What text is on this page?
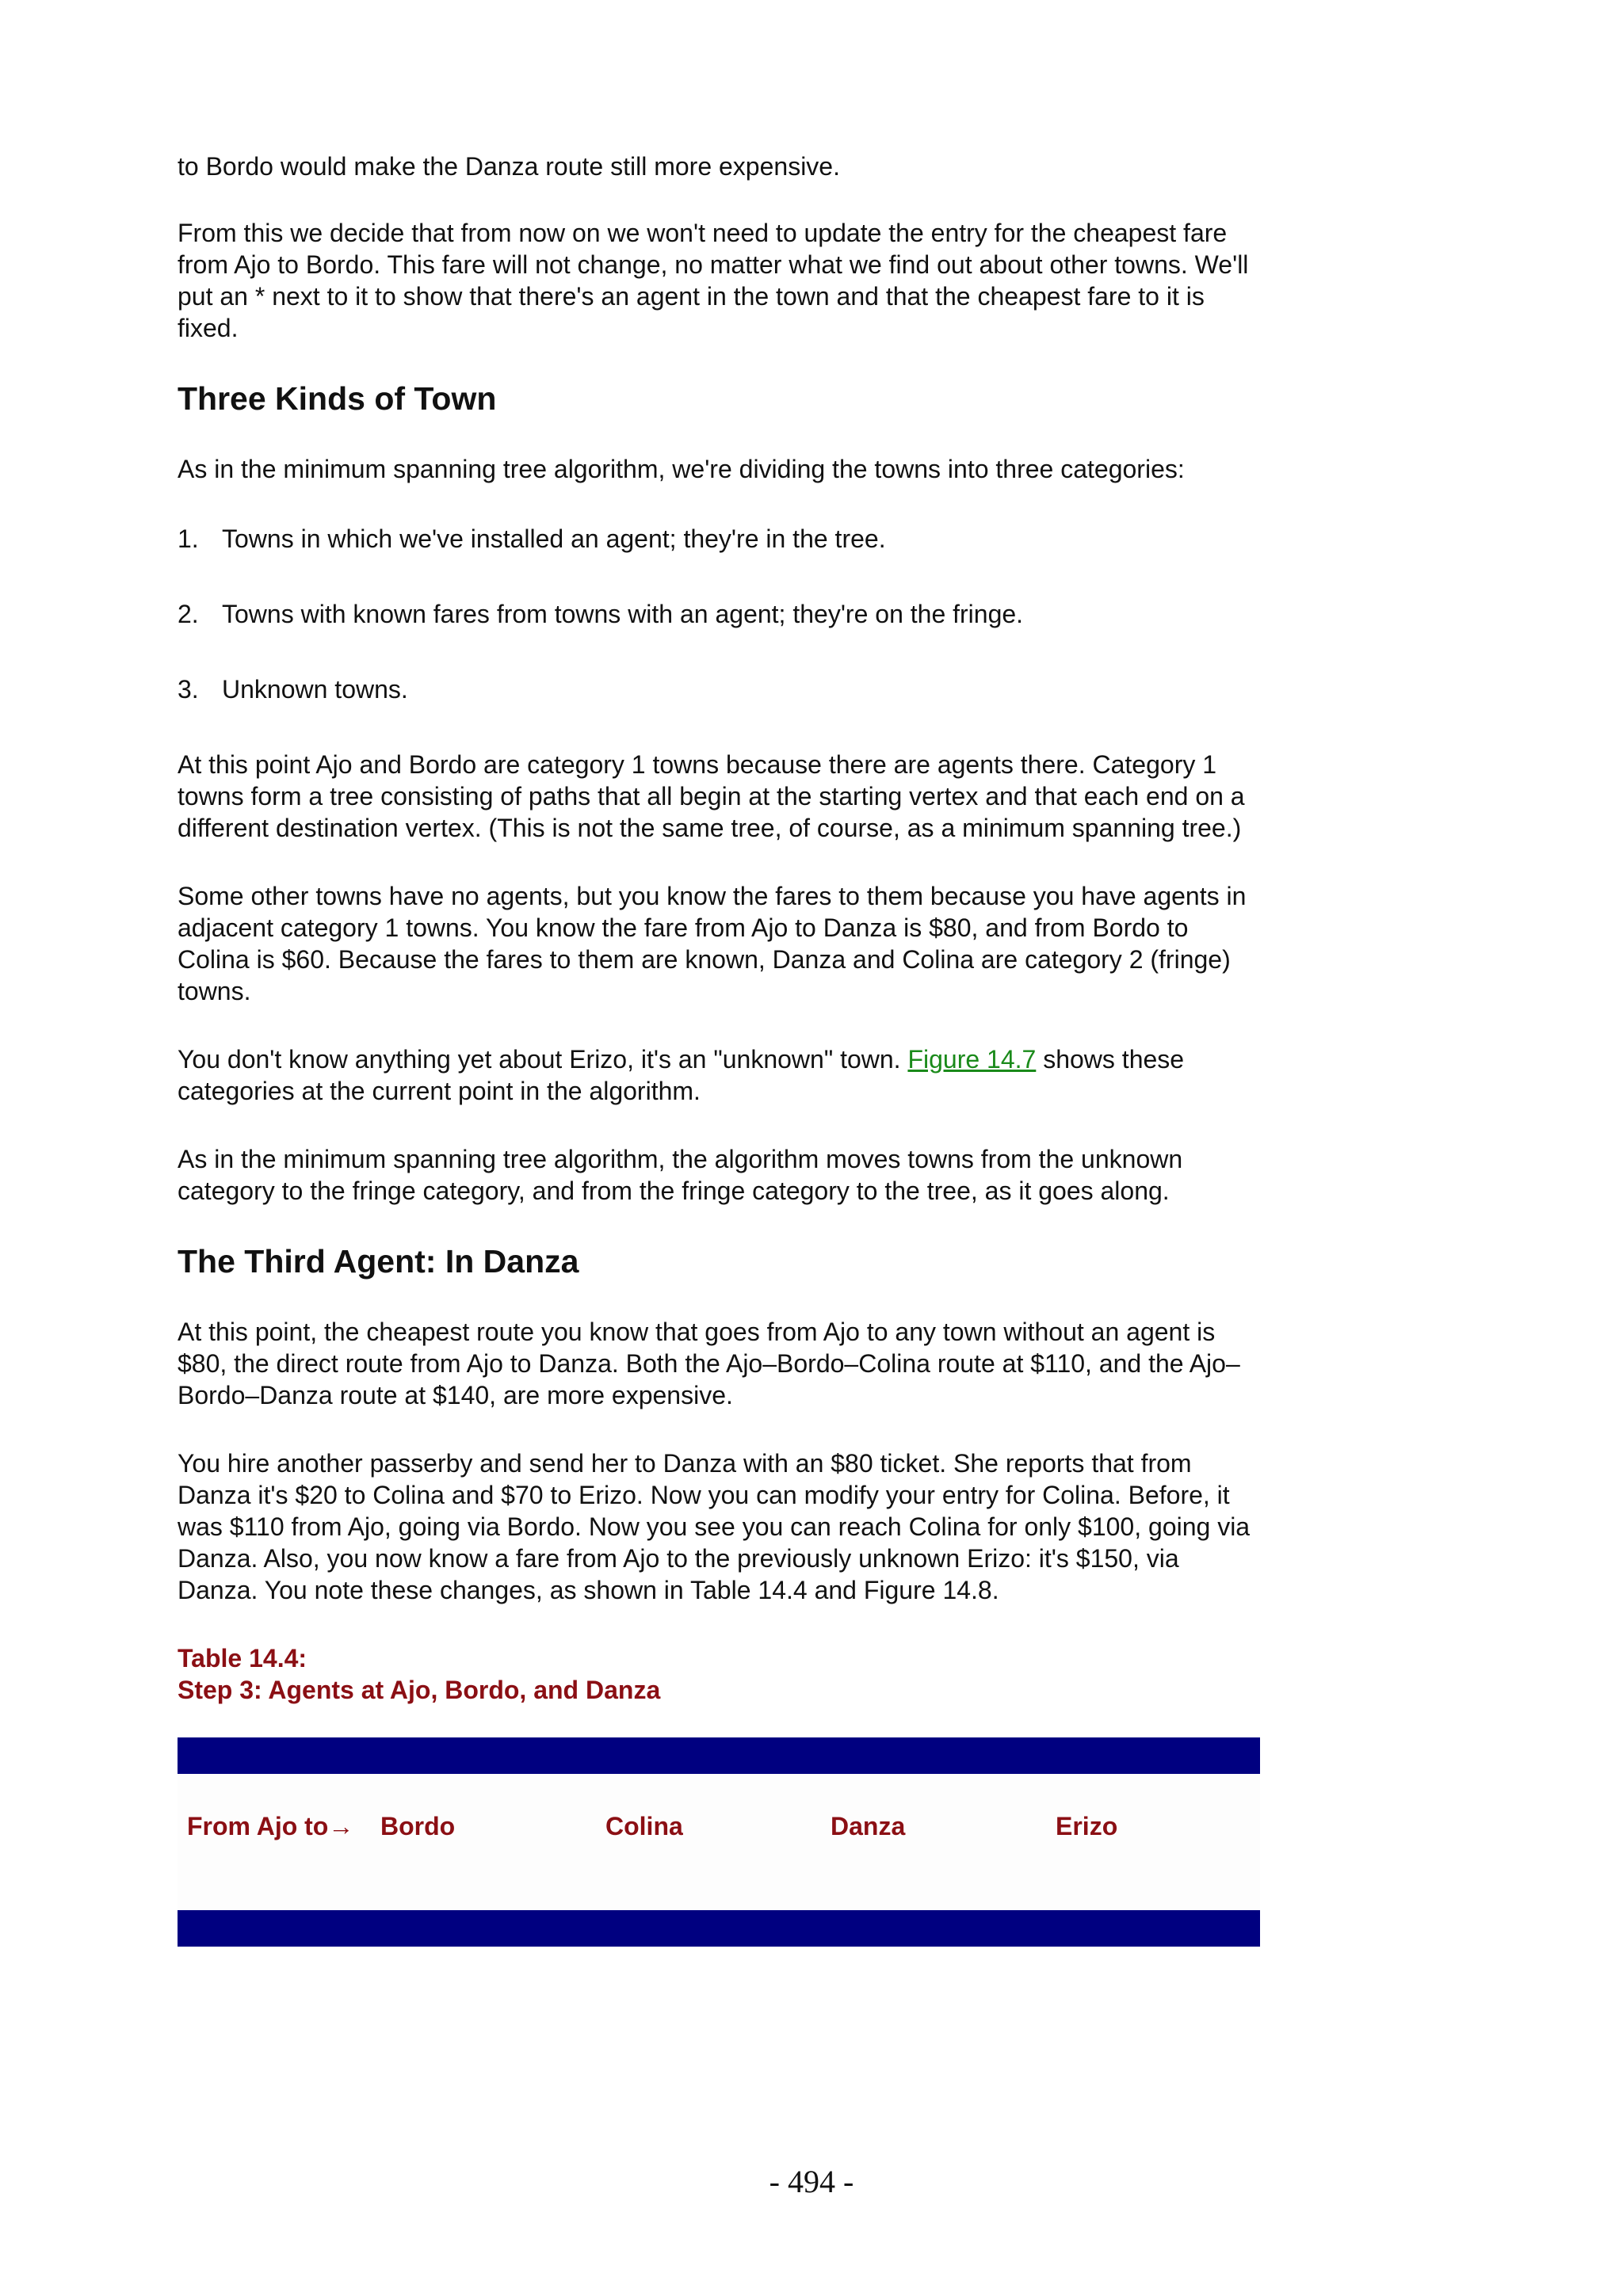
to Bordo would make the Danza route still more expensive.

From this we decide that from now on we won't need to update the entry for the cheapest fare from Ajo to Bordo. This fare will not change, no matter what we find out about other towns. We'll put an * next to it to show that there's an agent in the town and that the cheapest fare to it is fixed.

Three Kinds of Town

As in the minimum spanning tree algorithm, we're dividing the towns into three categories:

1. Towns in which we've installed an agent; they're in the tree.
2. Towns with known fares from towns with an agent; they're on the fringe.
3. Unknown towns.

At this point Ajo and Bordo are category 1 towns because there are agents there. Category 1 towns form a tree consisting of paths that all begin at the starting vertex and that each end on a different destination vertex. (This is not the same tree, of course, as a minimum spanning tree.)

Some other towns have no agents, but you know the fares to them because you have agents in adjacent category 1 towns. You know the fare from Ajo to Danza is $80, and from Bordo to Colina is $60. Because the fares to them are known, Danza and Colina are category 2 (fringe) towns.

You don't know anything yet about Erizo, it's an "unknown" town. Figure 14.7 shows these categories at the current point in the algorithm.

As in the minimum spanning tree algorithm, the algorithm moves towns from the unknown category to the fringe category, and from the fringe category to the tree, as it goes along.

The Third Agent: In Danza

At this point, the cheapest route you know that goes from Ajo to any town without an agent is $80, the direct route from Ajo to Danza. Both the Ajo–Bordo–Colina route at $110, and the Ajo–Bordo–Danza route at $140, are more expensive.

You hire another passerby and send her to Danza with an $80 ticket. She reports that from Danza it's $20 to Colina and $70 to Erizo. Now you can modify your entry for Colina. Before, it was $110 from Ajo, going via Bordo. Now you see you can reach Colina for only $100, going via Danza. Also, you now know a fare from Ajo to the previously unknown Erizo: it's $150, via Danza. You note these changes, as shown in Table 14.4 and Figure 14.8.

Table 14.4:

Step 3: Agents at Ajo, Bordo, and Danza

From Ajo to→	Bordo	Colina	Danza	Erizo
- 494 -
